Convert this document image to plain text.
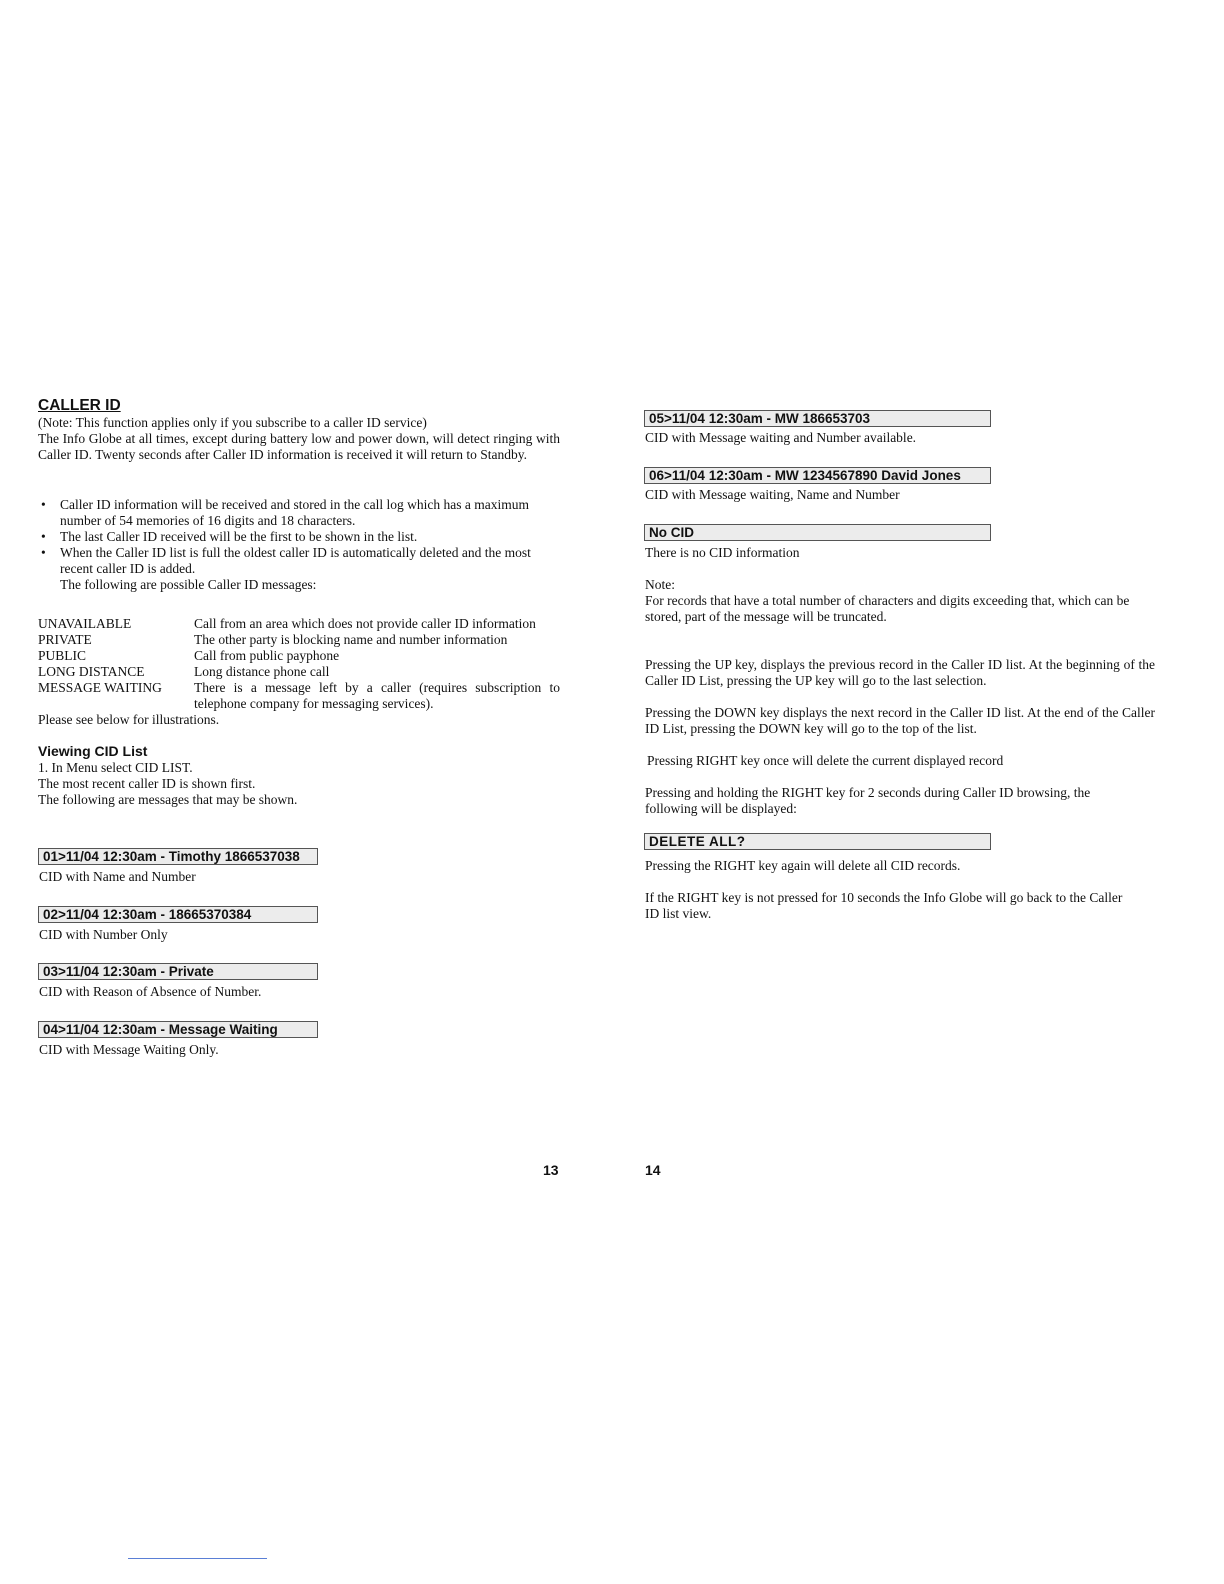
CALLER ID

(Note: This function applies only if you subscribe to a caller ID service)

The Info Globe at all times, except during battery low and power down, will detect ringing with Caller ID. Twenty seconds after Caller ID information is received it will return to Standby.

• Caller ID information will be received and stored in the call log which has a maximum number of 54 memories of 16 digits and 18 characters.
• The last Caller ID received will be the first to be shown in the list.
• When the Caller ID list is full the oldest caller ID is automatically deleted and the most recent caller ID is added.

The following are possible Caller ID messages:

UNAVAILABLE	Call from an area which does not provide caller ID information
PRIVATE	The other party is blocking name and number information
PUBLIC	Call from public payphone
LONG DISTANCE	Long distance phone call
MESSAGE WAITING	There is a message left by a caller (requires subscription to telephone company for messaging services).

Please see below for illustrations.

Viewing CID List

1. In Menu select CID LIST.

The most recent caller ID is shown first.

The following are messages that may be shown.

01>11/04 12:30am - Timothy 1866537038

CID with Name and Number

02>11/04 12:30am - 18665370384

CID with Number Only

03>11/04 12:30am - Private

CID with Reason of Absence of Number.

04>11/04 12:30am - Message Waiting

CID with Message Waiting Only.

13
05>11/04 12:30am - MW 186653703

CID with Message waiting and Number available.

06>11/04 12:30am - MW 1234567890 David Jones

CID with Message waiting, Name and Number

No CID

There is no CID information

Note:

For records that have a total number of characters and digits exceeding that, which can be stored, part of the message will be truncated.

Pressing the UP key, displays the previous record in the Caller ID list. At the beginning of the Caller ID List, pressing the UP key will go to the last selection.

Pressing the DOWN key displays the next record in the Caller ID list. At the end of the Caller ID List, pressing the DOWN key will go to the top of the list.

Pressing RIGHT key once will delete the current displayed record

Pressing and holding the RIGHT key for 2 seconds during Caller ID browsing, the following will be displayed:

DELETE ALL?

Pressing the RIGHT key again will delete all CID records.

If the RIGHT key is not pressed for 10 seconds the Info Globe will go back to the Caller ID list view.

14
